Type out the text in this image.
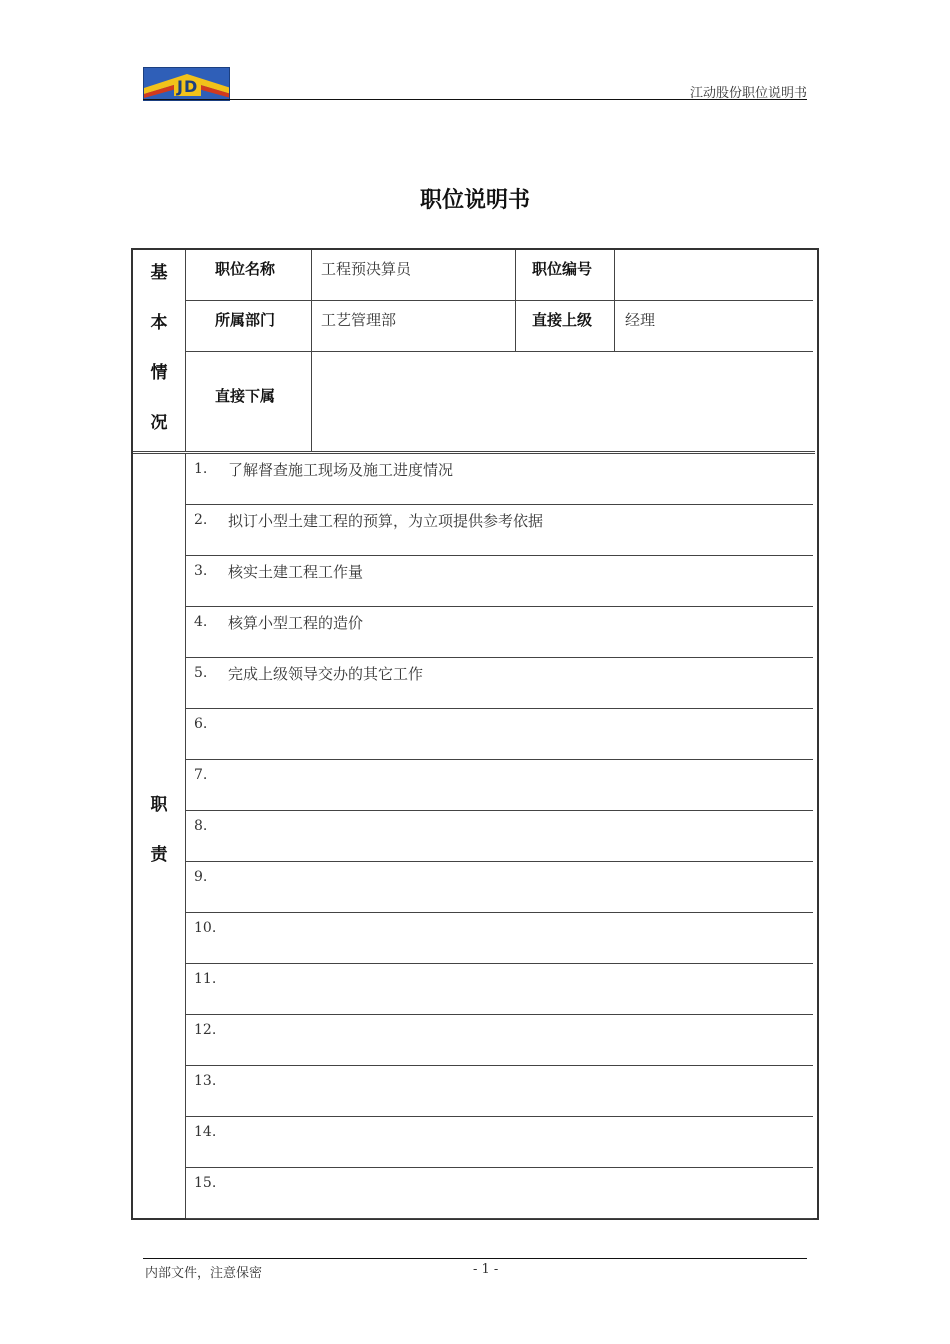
JD	江动股份职位说明书
职位说明书
基
本
情
况
职位名称	工程预决算员	职位编号
所属部门	工艺管理部	直接上级	经理
直接下属
职
责
1. 了解督查施工现场及施工进度情况
2. 拟订小型土建工程的预算，为立项提供参考依据
3. 核实土建工程工作量
4. 核算小型工程的造价
5. 完成上级领导交办的其它工作
6.
7.
8.
9.
10.
11.
12.
13.
14.
15.
内部文件，注意保密	- 1 -
